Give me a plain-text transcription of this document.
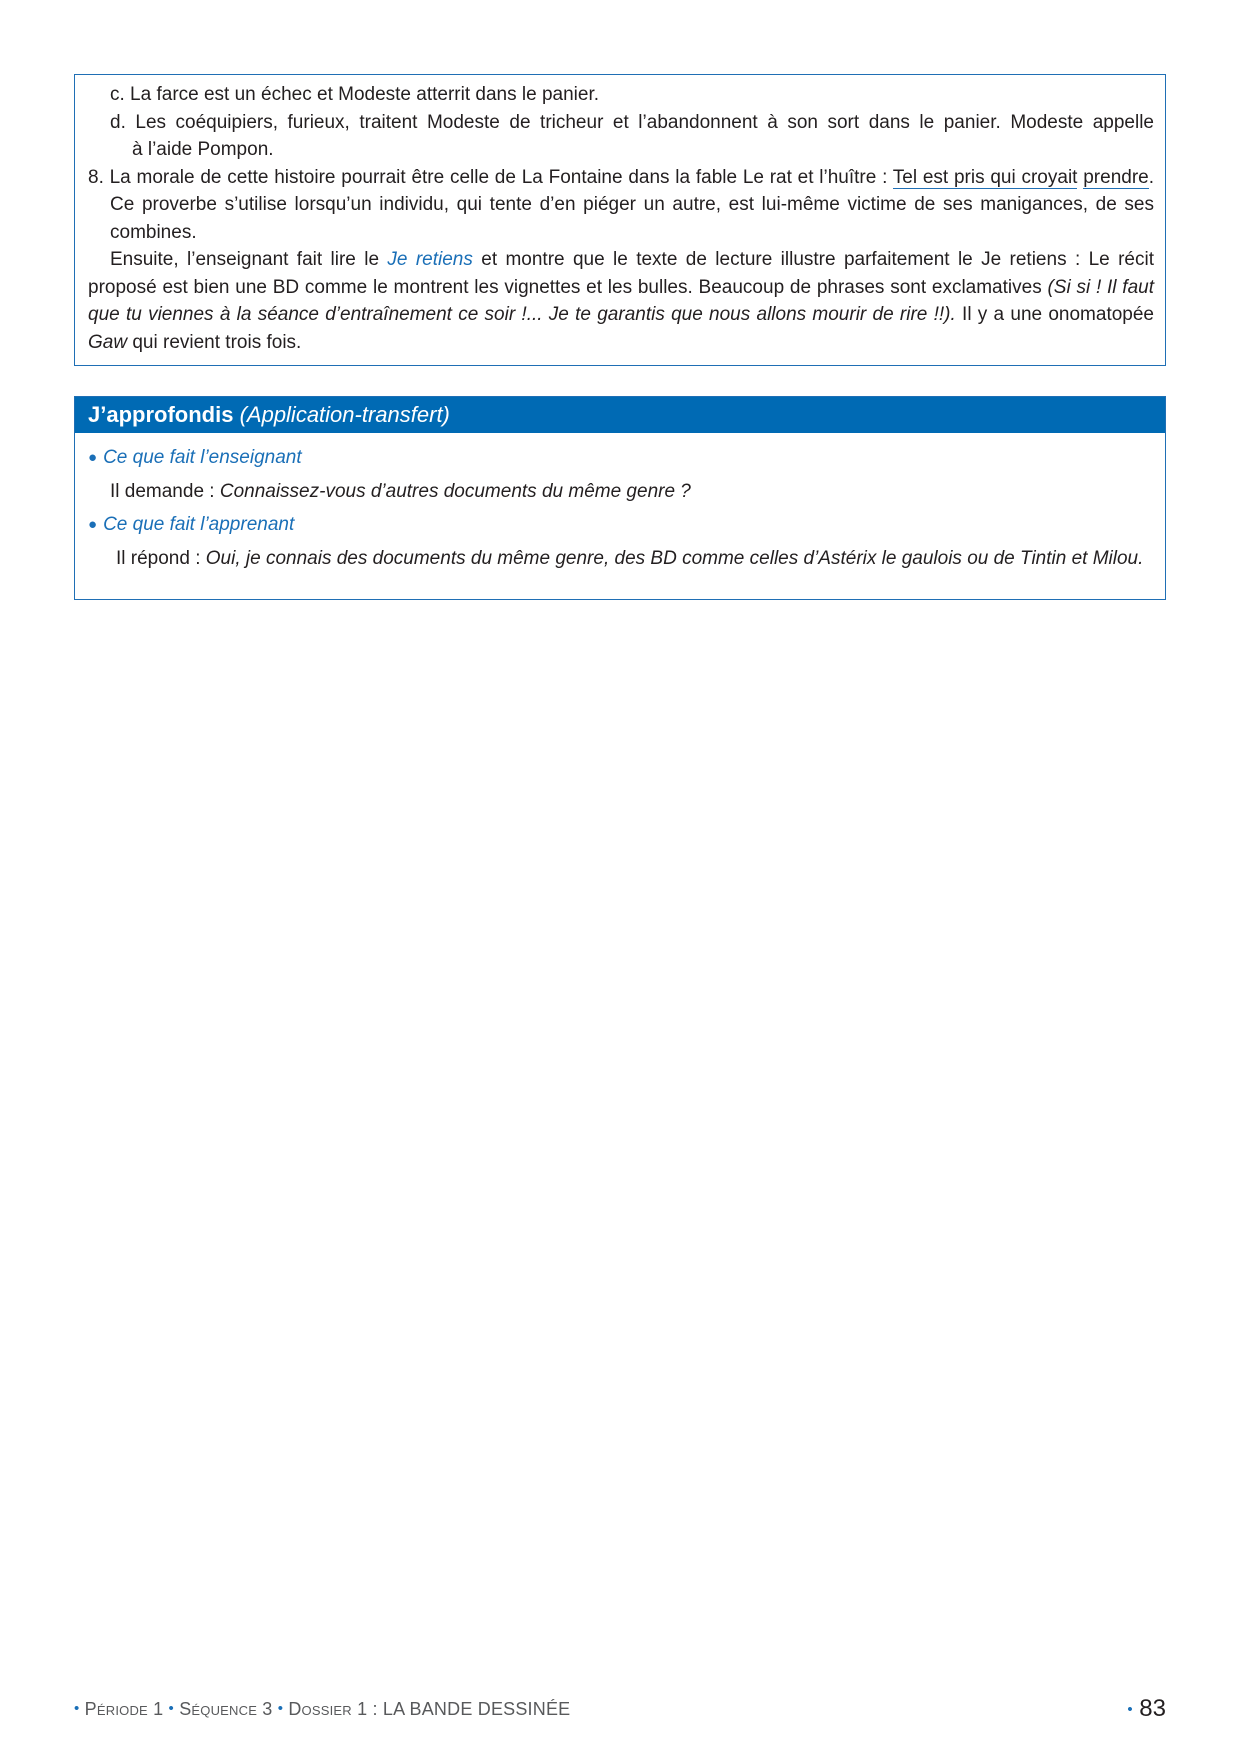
c. La farce est un échec et Modeste atterrit dans le panier.

d. Les coéquipiers, furieux, traitent Modeste de tricheur et l’abandonnent à son sort dans le panier. Modeste appelle

à l’aide Pompon.

8. La morale de cette histoire pourrait être celle de La Fontaine dans la fable Le rat et l’huître : Tel est pris qui croyait prendre. Ce proverbe s’utilise lorsqu’un individu, qui tente d’en piéger un autre, est lui-même victime de ses manigances, de ses combines.

Ensuite, l’enseignant fait lire le Je retiens et montre que le texte de lecture illustre parfaitement le Je retiens : Le récit proposé est bien une BD comme le montrent les vignettes et les bulles. Beaucoup de phrases sont exclamatives (Si si ! Il faut que tu viennes à la séance d’entraînement ce soir !... Je te garantis que nous allons mourir de rire !!). Il y a une onomatopée Gaw qui revient trois fois.

J’approfondis (Application-transfert)

● Ce que fait l’enseignant

Il demande : Connaissez-vous d’autres documents du même genre ?

● Ce que fait l’apprenant

Il répond : Oui, je connais des documents du même genre, des BD comme celles d’Astérix le gaulois ou de Tintin et Milou.

• Période 1 • Séquence 3 • Dossier 1 : LA BANDE DESSINÉE	• 83
